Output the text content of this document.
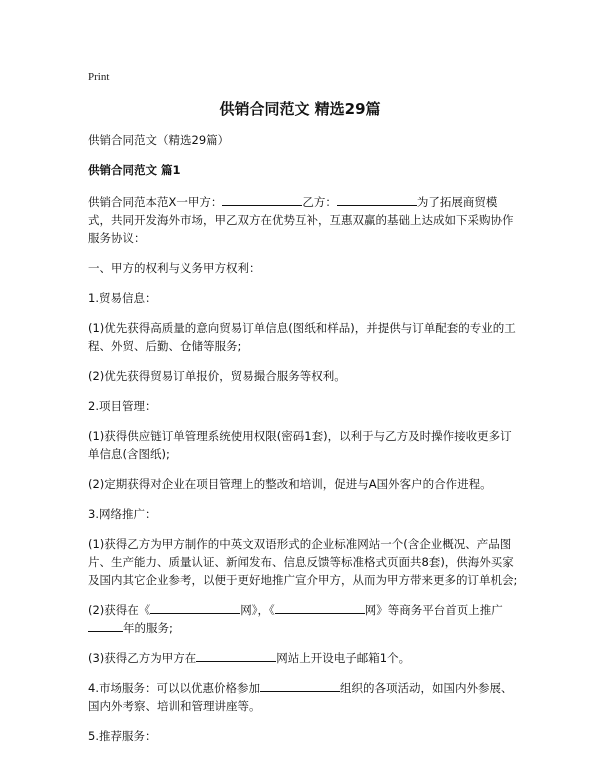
Print
供销合同范文 精选29篇

供销合同范文（精选29篇）

供销合同范文 篇1

供销合同范本范X一甲方：	乙方：	为了拓展商贸模式，共同开发海外市场，甲乙双方在优势互补，互惠双赢的基础上达成如下采购协作服务协议：

一、甲方的权利与义务甲方权利：

1.贸易信息：

(1)优先获得高质量的意向贸易订单信息(图纸和样品)，并提供与订单配套的专业的工程、外贸、后勤、仓储等服务;

(2)优先获得贸易订单报价，贸易撮合服务等权利。

2.项目管理：

(1)获得供应链订单管理系统使用权限(密码1套)，以利于与乙方及时操作接收更多订单信息(含图纸);

(2)定期获得对企业在项目管理上的整改和培训，促进与A国外客户的合作进程。

3.网络推广：

(1)获得乙方为甲方制作的中英文双语形式的企业标准网站一个(含企业概况、产品图片、生产能力、质量认证、新闻发布、信息反馈等标准格式页面共8套)，供海外买家及国内其它企业参考，以便于更好地推广宣介甲方，从而为甲方带来更多的订单机会;

(2)获得在《	网》，《	网》等商务平台首页上推广年的服务;

(3)获得乙方为甲方在	网站上开设电子邮箱1个。

4.市场服务：可以以优惠价格参加	组织的各项活动，如国内外参展、国内外考察、培训和管理讲座等。

5.推荐服务：
